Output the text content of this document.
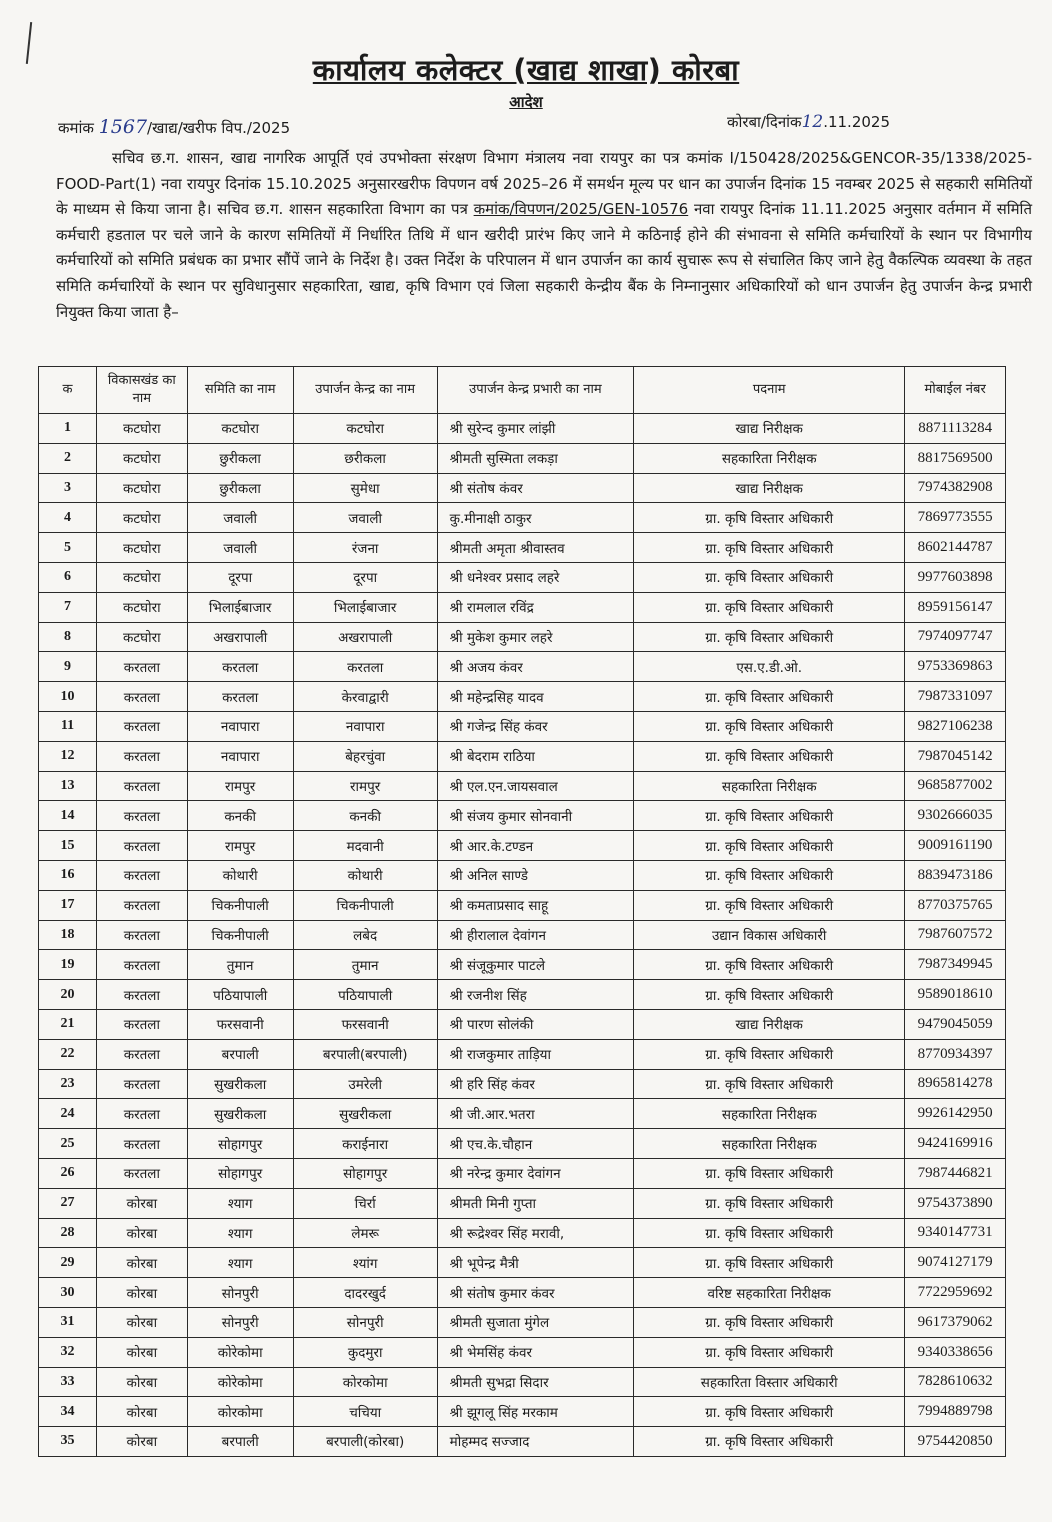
कार्यालय कलेक्टर (खाद्य शाखा) कोरबा
आदेश
कमांक 1567/खाद्य/खरीफ विप./2025	कोरबा/दिनांक12.11.2025
सचिव छ.ग. शासन, खाद्य नागरिक आपूर्ति एवं उपभोक्ता संरक्षण विभाग मंत्रालय नवा रायपुर का पत्र कमांक I/150428/2025&GENCOR-35/1338/2025-FOOD-Part(1) नवा रायपुर दिनांक 15.10.2025 अनुसारखरीफ विपणन वर्ष 2025–26 में समर्थन मूल्य पर धान का उपार्जन दिनांक 15 नवम्बर 2025 से सहकारी समितियों के माध्यम से किया जाना है। सचिव छ.ग. शासन सहकारिता विभाग का पत्र कमांक/विपणन/2025/GEN-10576 नवा रायपुर दिनांक 11.11.2025 अनुसार वर्तमान में समिति कर्मचारी हडताल पर चले जाने के कारण समितियों में निर्धारित तिथि में धान खरीदी प्रारंभ किए जाने मे कठिनाई होने की संभावना से समिति कर्मचारियों के स्थान पर विभागीय कर्मचारियों को समिति प्रबंधक का प्रभार सौंपें जाने के निर्देश है। उक्त निर्देश के परिपालन में धान उपार्जन का कार्य सुचारू रूप से संचालित किए जाने हेतु वैकल्पिक व्यवस्था के तहत समिति कर्मचारियों के स्थान पर सुविधानुसार सहकारिता, खाद्य, कृषि विभाग एवं जिला सहकारी केन्द्रीय बैंक के निम्नानुसार अधिकारियों को धान उपार्जन हेतु उपार्जन केन्द्र प्रभारी नियुक्त किया जाता है–
क	विकासखंड का नाम	समिति का नाम	उपार्जन केन्द्र का नाम	उपार्जन केन्द्र प्रभारी का नाम	पदनाम	मोबाईल नंबर
1	कटघोरा	कटघोरा	कटघोरा	श्री सुरेन्द कुमार लांझी	खाद्य निरीक्षक	8871113284
2	कटघोरा	छुरीकला	छरीकला	श्रीमती सुस्मिता लकड़ा	सहकारिता निरीक्षक	8817569500
3	कटघोरा	छुरीकला	सुमेधा	श्री संतोष कंवर	खाद्य निरीक्षक	7974382908
4	कटघोरा	जवाली	जवाली	कु.मीनाक्षी ठाकुर	ग्रा. कृषि विस्तार अधिकारी	7869773555
5	कटघोरा	जवाली	रंजना	श्रीमती अमृता श्रीवास्तव	ग्रा. कृषि विस्तार अधिकारी	8602144787
6	कटघोरा	दूरपा	दूरपा	श्री धनेश्वर प्रसाद लहरे	ग्रा. कृषि विस्तार अधिकारी	9977603898
7	कटघोरा	भिलाईबाजार	भिलाईबाजार	श्री रामलाल रविंद्र	ग्रा. कृषि विस्तार अधिकारी	8959156147
8	कटघोरा	अखरापाली	अखरापाली	श्री मुकेश कुमार लहरे	ग्रा. कृषि विस्तार अधिकारी	7974097747
9	करतला	करतला	करतला	श्री अजय कंवर	एस.ए.डी.ओ.	9753369863
10	करतला	करतला	केरवाद्वारी	श्री महेन्द्रसिह यादव	ग्रा. कृषि विस्तार अधिकारी	7987331097
11	करतला	नवापारा	नवापारा	श्री गजेन्द्र सिंह कंवर	ग्रा. कृषि विस्तार अधिकारी	9827106238
12	करतला	नवापारा	बेहरचुंवा	श्री बेदराम राठिया	ग्रा. कृषि विस्तार अधिकारी	7987045142
13	करतला	रामपुर	रामपुर	श्री एल.एन.जायसवाल	सहकारिता निरीक्षक	9685877002
14	करतला	कनकी	कनकी	श्री संजय कुमार सोनवानी	ग्रा. कृषि विस्तार अधिकारी	9302666035
15	करतला	रामपुर	मदवानी	श्री आर.के.टण्डन	ग्रा. कृषि विस्तार अधिकारी	9009161190
16	करतला	कोथारी	कोथारी	श्री अनिल साण्डे	ग्रा. कृषि विस्तार अधिकारी	8839473186
17	करतला	चिकनीपाली	चिकनीपाली	श्री कमताप्रसाद साहू	ग्रा. कृषि विस्तार अधिकारी	8770375765
18	करतला	चिकनीपाली	लबेद	श्री हीरालाल देवांगन	उद्यान विकास अधिकारी	7987607572
19	करतला	तुमान	तुमान	श्री संजूकुमार पाटले	ग्रा. कृषि विस्तार अधिकारी	7987349945
20	करतला	पठियापाली	पठियापाली	श्री रजनीश सिंह	ग्रा. कृषि विस्तार अधिकारी	9589018610
21	करतला	फरसवानी	फरसवानी	श्री पारण सोलंकी	खाद्य निरीक्षक	9479045059
22	करतला	बरपाली	बरपाली(बरपाली)	श्री राजकुमार ताड़िया	ग्रा. कृषि विस्तार अधिकारी	8770934397
23	करतला	सुखरीकला	उमरेली	श्री हरि सिंह कंवर	ग्रा. कृषि विस्तार अधिकारी	8965814278
24	करतला	सुखरीकला	सुखरीकला	श्री जी.आर.भतरा	सहकारिता निरीक्षक	9926142950
25	करतला	सोहागपुर	कराईनारा	श्री एच.के.चौहान	सहकारिता निरीक्षक	9424169916
26	करतला	सोहागपुर	सोहागपुर	श्री नरेन्द्र कुमार देवांगन	ग्रा. कृषि विस्तार अधिकारी	7987446821
27	कोरबा	श्याग	चिर्रा	श्रीमती मिनी गुप्ता	ग्रा. कृषि विस्तार अधिकारी	9754373890
28	कोरबा	श्याग	लेमरू	श्री रूद्रेश्वर सिंह मरावी,	ग्रा. कृषि विस्तार अधिकारी	9340147731
29	कोरबा	श्याग	श्यांग	श्री भूपेन्द्र मैत्री	ग्रा. कृषि विस्तार अधिकारी	9074127179
30	कोरबा	सोनपुरी	दादरखुर्द	श्री संतोष कुमार कंवर	वरिष्ट सहकारिता निरीक्षक	7722959692
31	कोरबा	सोनपुरी	सोनपुरी	श्रीमती सुजाता मुंगेल	ग्रा. कृषि विस्तार अधिकारी	9617379062
32	कोरबा	कोरेकोमा	कुदमुरा	श्री भेमसिंह कंवर	ग्रा. कृषि विस्तार अधिकारी	9340338656
33	कोरबा	कोरेकोमा	कोरकोमा	श्रीमती सुभद्रा सिदार	सहकारिता विस्तार अधिकारी	7828610632
34	कोरबा	कोरकोमा	चचिया	श्री झूगलू सिंह मरकाम	ग्रा. कृषि विस्तार अधिकारी	7994889798
35	कोरबा	बरपाली	बरपाली(कोरबा)	मोहम्मद सज्जाद	ग्रा. कृषि विस्तार अधिकारी	9754420850
